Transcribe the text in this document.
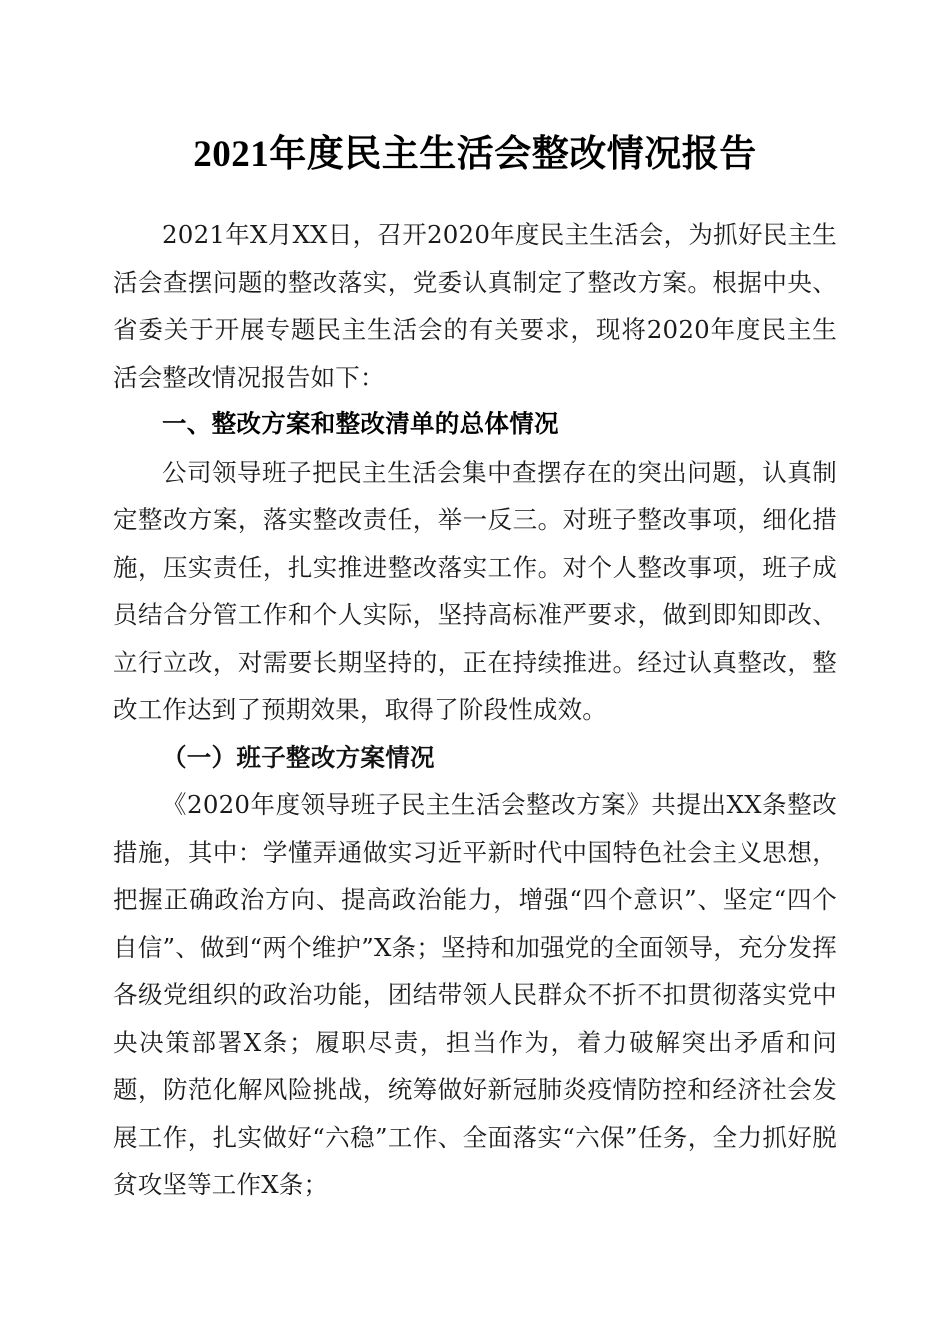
2021年度民主生活会整改情况报告

2021年X月XX日，召开2020年度民主生活会，为抓好民主生活会查摆问题的整改落实，党委认真制定了整改方案。根据中央、省委关于开展专题民主生活会的有关要求，现将2020年度民主生活会整改情况报告如下：

一、整改方案和整改清单的总体情况

公司领导班子把民主生活会集中查摆存在的突出问题，认真制定整改方案，落实整改责任，举一反三。对班子整改事项，细化措施，压实责任，扎实推进整改落实工作。对个人整改事项，班子成员结合分管工作和个人实际，坚持高标准严要求，做到即知即改、立行立改，对需要长期坚持的，正在持续推进。经过认真整改，整改工作达到了预期效果，取得了阶段性成效。

（一）班子整改方案情况

《2020年度领导班子民主生活会整改方案》共提出XX条整改措施，其中：学懂弄通做实习近平新时代中国特色社会主义思想，把握正确政治方向、提高政治能力，增强“四个意识”、坚定“四个自信”、做到“两个维护”X条；坚持和加强党的全面领导，充分发挥各级党组织的政治功能，团结带领人民群众不折不扣贯彻落实党中央决策部署X条；履职尽责，担当作为，着力破解突出矛盾和问题，防范化解风险挑战，统筹做好新冠肺炎疫情防控和经济社会发展工作，扎实做好“六稳”工作、全面落实“六保”任务，全力抓好脱贫攻坚等工作X条；
